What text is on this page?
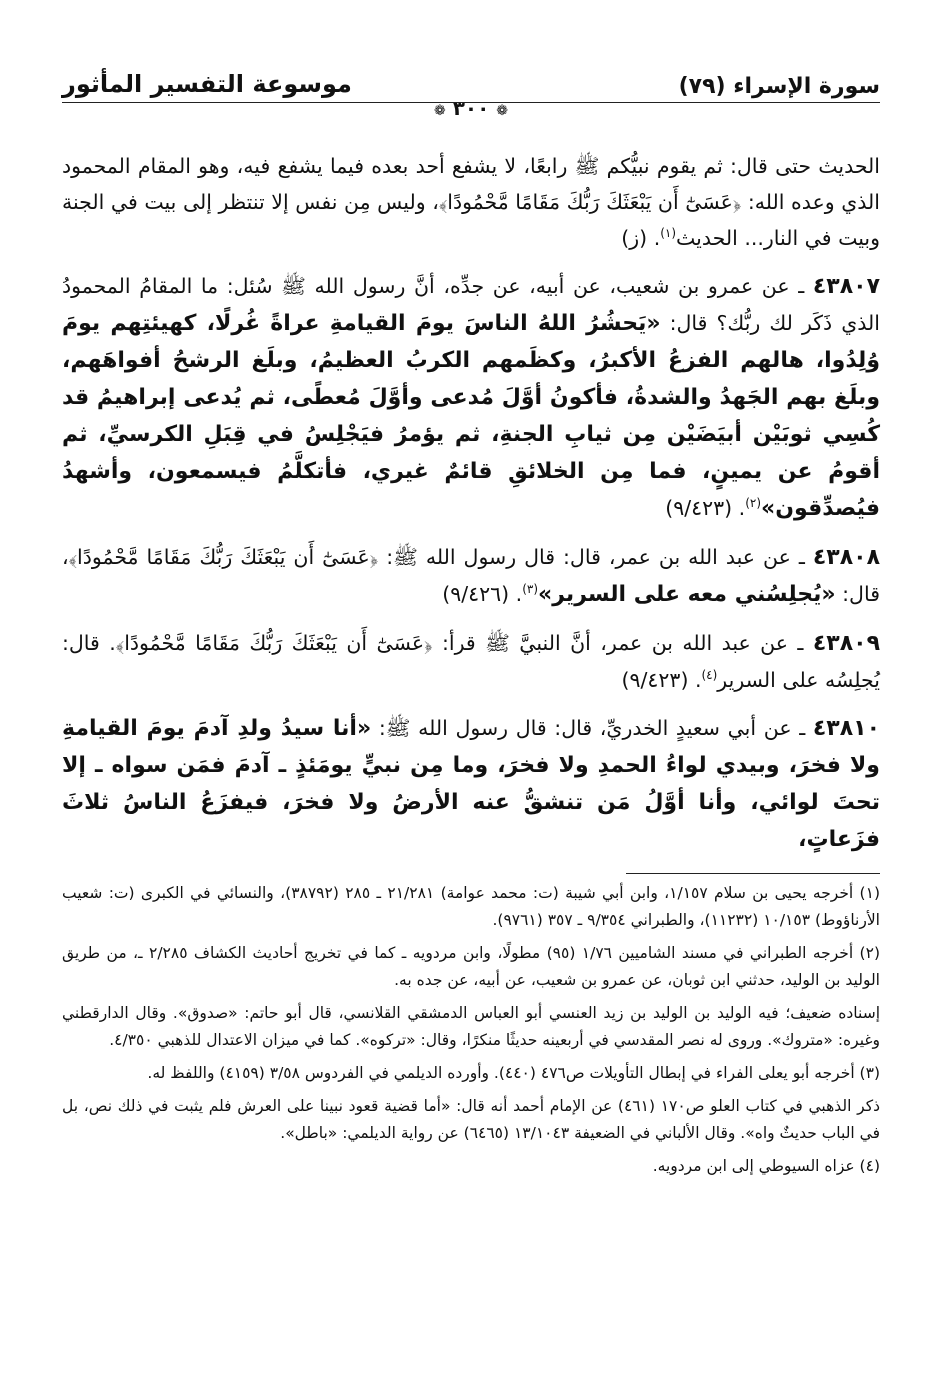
سورة الإسراء (٧٩)
❁ ٣٠٠ ❁
موسوعة التفسير المأثور

الحديث حتى قال: ثم يقوم نبيُّكم ﷺ رابعًا، لا يشفع أحد بعده فيما يشفع فيه، وهو المقام المحمود الذي وعده الله: ﴿عَسَىٰٓ أَن يَبْعَثَكَ رَبُّكَ مَقَامًا مَّحْمُودًا﴾، وليس مِن نفس إلا تنتظر إلى بيت في الجنة وبيت في النار... الحديث$^{(١)}$. (ز)

٤٣٨٠٧ ـ عن عمرو بن شعيب، عن أبيه، عن جدِّه، أنَّ رسول الله ﷺ سُئل: ما المقامُ المحمودُ الذي ذَكَر لك ربُّك؟ قال: «يَحشُرُ اللهُ الناسَ يومَ القيامةِ عراةً غُرلًا، كهيئتِهم يومَ وُلِدُوا، هالهم الفزعُ الأكبرُ، وكظَمهم الكربُ العظيمُ، وبلَغ الرشحُ أفواهَهم، وبلَغ بهم الجَهدُ والشدةُ، فأكونُ أوَّلَ مُدعى وأوَّلَ مُعطًى، ثم يُدعى إبراهيمُ قد كُسِي ثوبَيْن أبيَضَيْن مِن ثيابِ الجنةِ، ثم يؤمرُ فيَجْلِسُ في قِبَلِ الكرسيِّ، ثم أقومُ عن يمينٍ، فما مِن الخلائقِ قائمٌ غيري، فأتكلَّمُ فيسمعون، وأشهدُ فيُصدِّقون»$^{(٢)}$. (٩/٤٢٣)

٤٣٨٠٨ ـ عن عبد الله بن عمر، قال: قال رسول الله ﷺ: ﴿عَسَىٰٓ أَن يَبْعَثَكَ رَبُّكَ مَقَامًا مَّحْمُودًا﴾، قال: «يُجلِسُني معه على السرير»$^{(٣)}$. (٩/٤٢٦)

٤٣٨٠٩ ـ عن عبد الله بن عمر، أنَّ النبيَّ ﷺ قرأ: ﴿عَسَىٰٓ أَن يَبْعَثَكَ رَبُّكَ مَقَامًا مَّحْمُودًا﴾. قال: يُجلِسُه على السرير$^{(٤)}$. (٩/٤٢٣)

٤٣٨١٠ ـ عن أبي سعيدٍ الخدريِّ، قال: قال رسول الله ﷺ: «أنا سيدُ ولدِ آدمَ يومَ القيامةِ ولا فخرَ، وبيدي لواءُ الحمدِ ولا فخرَ، وما مِن نبيٍّ يومَئذٍ ـ آدمَ فمَن سواه ـ إلا تحتَ لوائي، وأنا أوَّلُ مَن تنشقُّ عنه الأرضُ ولا فخرَ، فيفزَعُ الناسُ ثلاثَ فزَعاتٍ،

(١) أخرجه يحيى بن سلام ١/١٥٧، وابن أبي شيبة (ت: محمد عوامة) ٢١/٢٨١ ـ ٢٨٥ (٣٨٧٩٢)، والنسائي في الكبرى (ت: شعيب الأرناؤوط) ١٠/١٥٣ (١١٢٣٢)، والطبراني ٩/٣٥٤ ـ ٣٥٧ (٩٧٦١).

(٢) أخرجه الطبراني في مسند الشاميين ١/٧٦ (٩٥) مطولًا، وابن مردويه ـ كما في تخريج أحاديث الكشاف ٢/٢٨٥ ـ، من طريق الوليد بن الوليد، حدثني ابن ثوبان، عن عمرو بن شعيب، عن أبيه، عن جده به.

إسناده ضعيف؛ فيه الوليد بن الوليد بن زيد العنسي أبو العباس الدمشقي القلانسي، قال أبو حاتم: «صدوق». وقال الدارقطني وغيره: «متروك». وروى له نصر المقدسي في أربعينه حديثًا منكرًا، وقال: «تركوه». كما في ميزان الاعتدال للذهبي ٤/٣٥٠.

(٣) أخرجه أبو يعلى الفراء في إبطال التأويلات ص٤٧٦ (٤٤٠). وأورده الديلمي في الفردوس ٣/٥٨ (٤١٥٩) واللفظ له.

ذكر الذهبي في كتاب العلو ص١٧٠ (٤٦١) عن الإمام أحمد أنه قال: «أما قضية قعود نبينا على العرش فلم يثبت في ذلك نص، بل في الباب حديثٌ واه». وقال الألباني في الضعيفة ١٣/١٠٤٣ (٦٤٦٥) عن رواية الديلمي: «باطل».

(٤) عزاه السيوطي إلى ابن مردويه.
